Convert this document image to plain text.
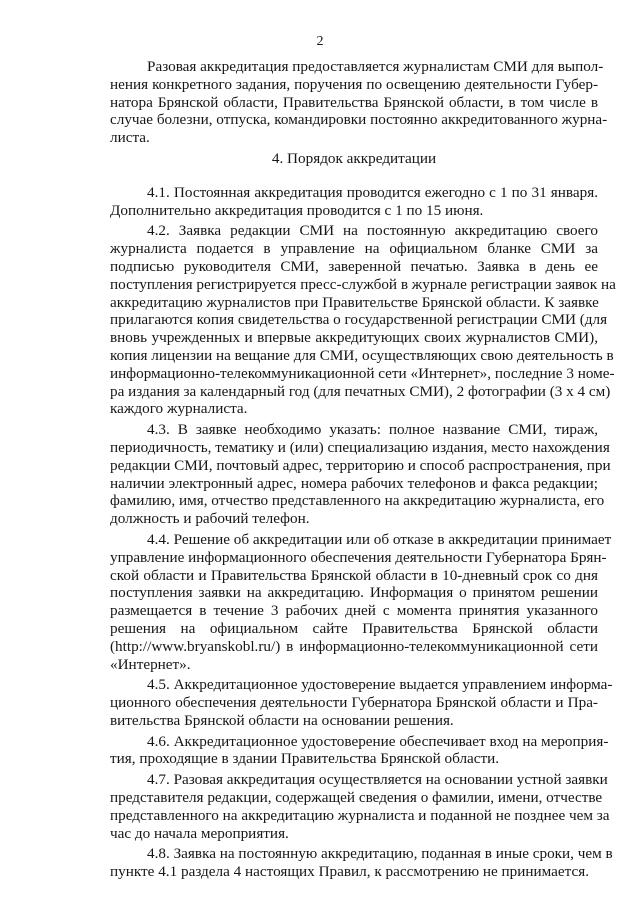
2
Разовая аккредитация предоставляется журналистам СМИ для выпол-
нения конкретного задания, поручения по освещению деятельности Губер-
натора Брянской области, Правительства Брянской области, в том числе в
случае болезни, отпуска, командировки постоянно аккредитованного журна-
листа.
4. Порядок аккредитации
4.1. Постоянная аккредитация проводится ежегодно с 1 по 31 января.
Дополнительно аккредитация проводится с 1 по 15 июня.
4.2. Заявка редакции СМИ на постоянную аккредитацию своего
журналиста подается в управление на официальном бланке СМИ за
подписью руководителя СМИ, заверенной печатью. Заявка в день ее
поступления регистрируется пресс-службой в журнале регистрации заявок на
аккредитацию журналистов при Правительстве Брянской области. К заявке
прилагаются копия свидетельства о государственной регистрации СМИ (для
вновь учрежденных и впервые аккредитующих своих журналистов СМИ),
копия лицензии на вещание для СМИ, осуществляющих свою деятельность в
информационно-телекоммуникационной сети «Интернет», последние 3 номе-
ра издания за календарный год (для печатных СМИ), 2 фотографии (3 х 4 см)
каждого журналиста.
4.3. В заявке необходимо указать: полное название СМИ, тираж,
периодичность, тематику и (или) специализацию издания, место нахождения
редакции СМИ, почтовый адрес, территорию и способ распространения, при
наличии электронный адрес, номера рабочих телефонов и факса редакции;
фамилию, имя, отчество представленного на аккредитацию журналиста, его
должность и рабочий телефон.
4.4. Решение об аккредитации или об отказе в аккредитации принимает
управление информационного обеспечения деятельности Губернатора Брян-
ской области и Правительства Брянской области в 10-дневный срок со дня
поступления заявки на аккредитацию. Информация о принятом решении
размещается в течение 3 рабочих дней с момента принятия указанного
решения на официальном сайте Правительства Брянской области
(http://www.bryanskobl.ru/) в информационно-телекоммуникационной сети
«Интернет».
4.5. Аккредитационное удостоверение выдается управлением информа-
ционного обеспечения деятельности Губернатора Брянской области и Пра-
вительства Брянской области на основании решения.
4.6. Аккредитационное удостоверение обеспечивает вход на мероприя-
тия, проходящие в здании Правительства Брянской области.
4.7. Разовая аккредитация осуществляется на основании устной заявки
представителя редакции, содержащей сведения о фамилии, имени, отчестве
представленного на аккредитацию журналиста и поданной не позднее чем за
час до начала мероприятия.
4.8. Заявка на постоянную аккредитацию, поданная в иные сроки, чем в
пункте 4.1 раздела 4 настоящих Правил, к рассмотрению не принимается.
